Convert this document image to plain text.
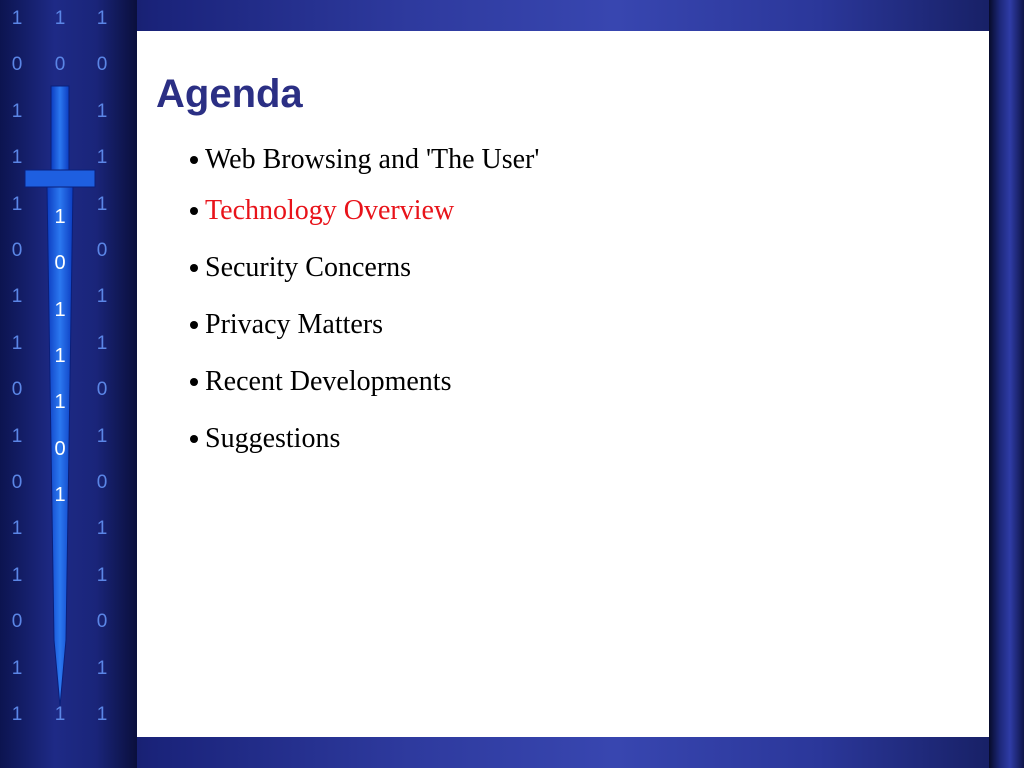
1
0
1
1
1
0
1
1
0
1
0
1
1
0
1
1
1
0
1
1
1
0
1
1
0
1
0
1
1
0
1
1
1
0
1
1
0
1
1
1
0
1
Agenda
Web Browsing and 'The User'
Technology Overview
Security Concerns
Privacy Matters
Recent Developments
Suggestions
